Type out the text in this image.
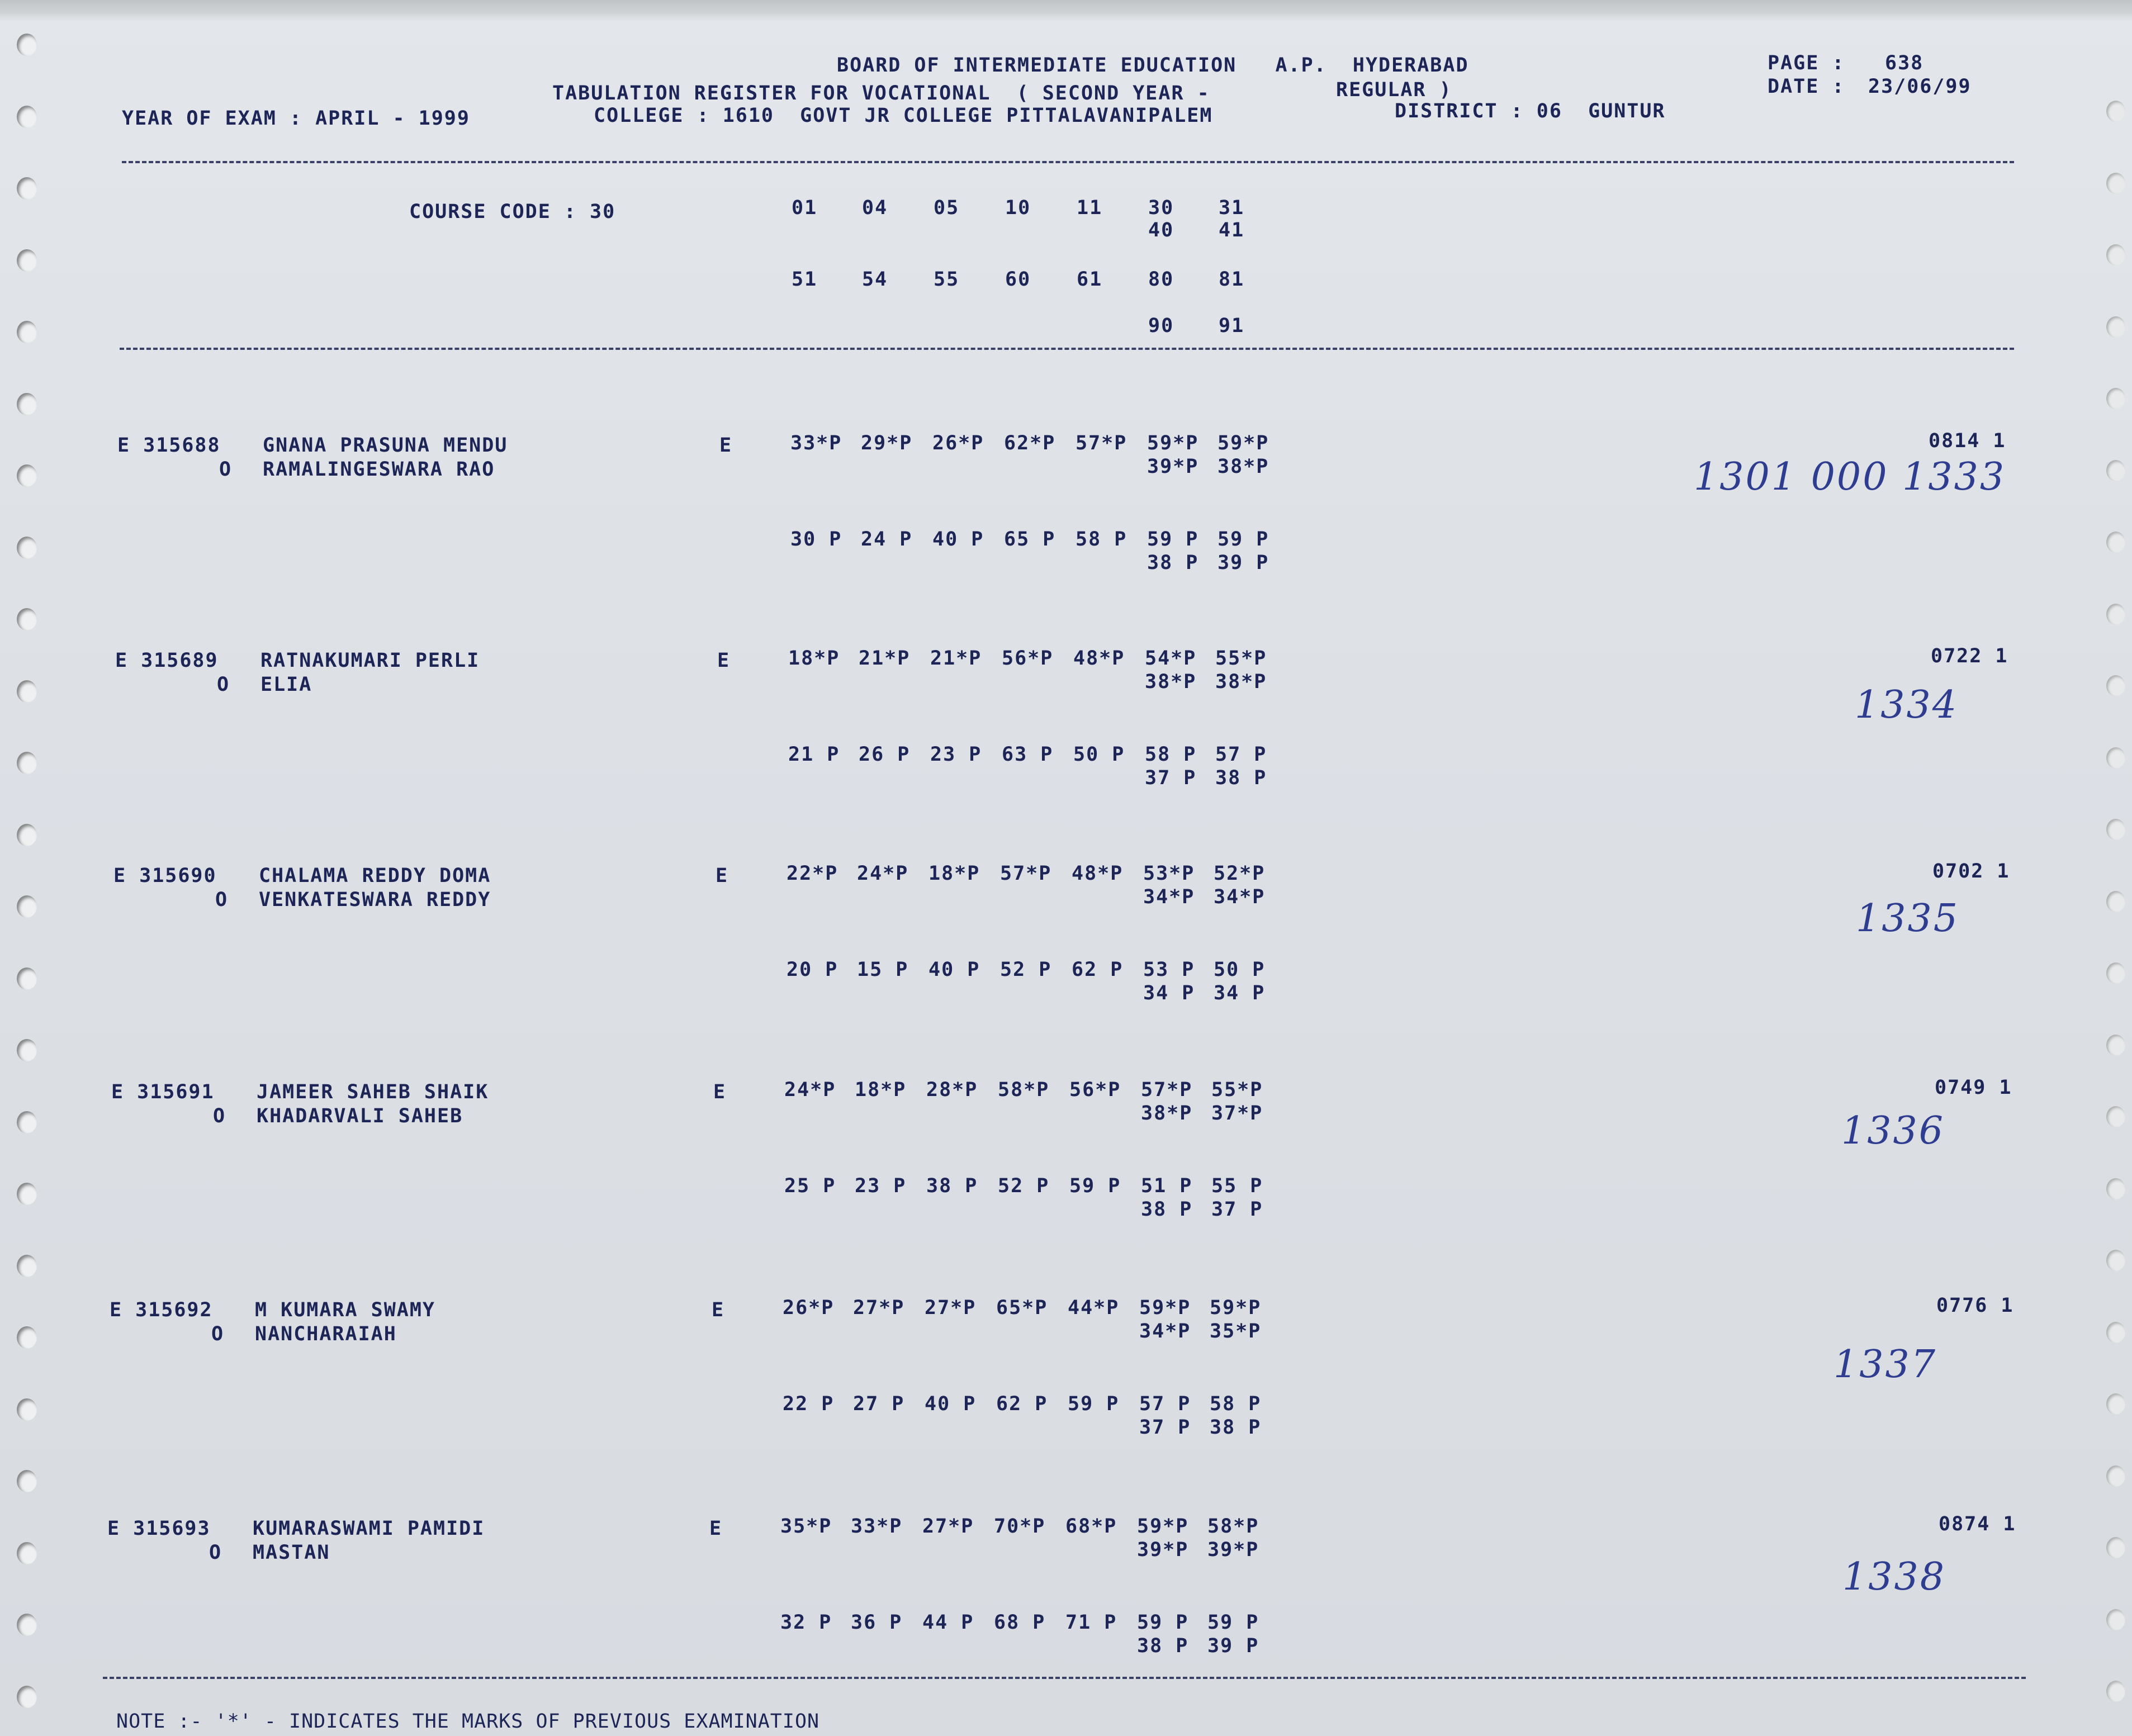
BOARD OF INTERMEDIATE EDUCATION   A.P.  HYDERABAD
TABULATION REGISTER FOR VOCATIONAL  ( SECOND YEAR -	REGULAR )
YEAR OF EXAM : APRIL - 1999	COLLEGE : 1610  GOVT JR COLLEGE PITTALAVANIPALEM	DISTRICT : 06  GUNTUR
PAGE : 638
DATE : 23/06/99
COURSE CODE : 30	01 04 05 10 11 30 31
40 41
51 54 55 60 61 80 81
90 91
E 315688 GNANA PRASUNA MENDU
O RAMALINGESWARA RAO
E	33*P 29*P 26*P 62*P 57*P 59*P 59*P
39*P 38*P
30 P 24 P 40 P 65 P 58 P 59 P 59 P
38 P 39 P
0814 1
1301 000 1333
E 315689 RATNAKUMARI PERLI
O ELIA
E	18*P 21*P 21*P 56*P 48*P 54*P 55*P
38*P 38*P
21 P 26 P 23 P 63 P 50 P 58 P 57 P
37 P 38 P
0722 1
1334
E 315690 CHALAMA REDDY DOMA
O VENKATESWARA REDDY
E	22*P 24*P 18*P 57*P 48*P 53*P 52*P
34*P 34*P
20 P 15 P 40 P 52 P 62 P 53 P 50 P
34 P 34 P
0702 1
1335
E 315691 JAMEER SAHEB SHAIK
O KHADARVALI SAHEB
E	24*P 18*P 28*P 58*P 56*P 57*P 55*P
38*P 37*P
25 P 23 P 38 P 52 P 59 P 51 P 55 P
38 P 37 P
0749 1
1336
E 315692 M KUMARA SWAMY
O NANCHARAIAH
E	26*P 27*P 27*P 65*P 44*P 59*P 59*P
34*P 35*P
22 P 27 P 40 P 62 P 59 P 57 P 58 P
37 P 38 P
0776 1
1337
E 315693 KUMARASWAMI PAMIDI
O MASTAN
E	35*P 33*P 27*P 70*P 68*P 59*P 58*P
39*P 39*P
32 P 36 P 44 P 68 P 71 P 59 P 59 P
38 P 39 P
0874 1
1338
NOTE :- '*' - INDICATES THE MARKS OF PREVIOUS EXAMINATION
